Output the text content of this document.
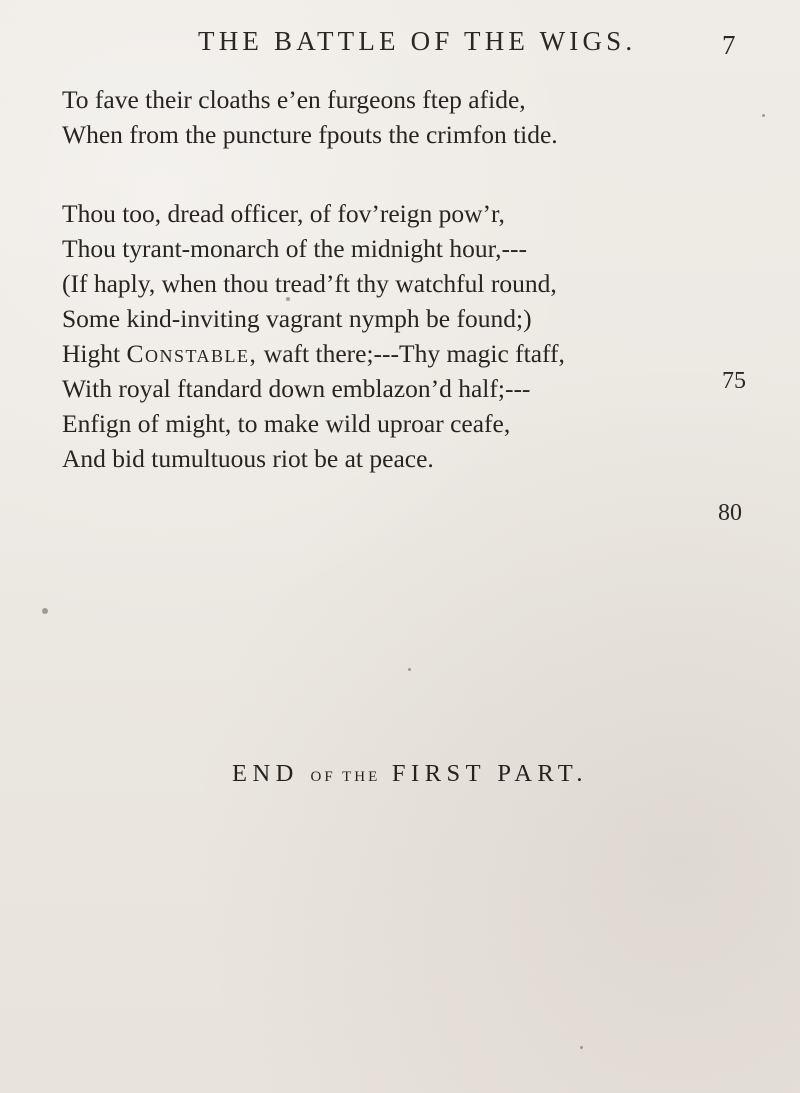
THE BATTLE OF THE WIGS.	7
To fave their cloaths e’en furgeons ftep afide,
When from the puncture fpouts the crimfon tide.
Thou too, dread officer, of fov’reign pow’r,
Thou tyrant-monarch of the midnight hour,---
(If haply, when thou tread’ft thy watchful round,
Some kind-inviting vagrant nymph be found;)
Hight Constable, waft there;---Thy magic ftaff,
With royal ftandard down emblazon’d half;---
Enfign of might, to make wild uproar ceafe,
And bid tumultuous riot be at peace.
75
80
END OF THE FIRST PART.
